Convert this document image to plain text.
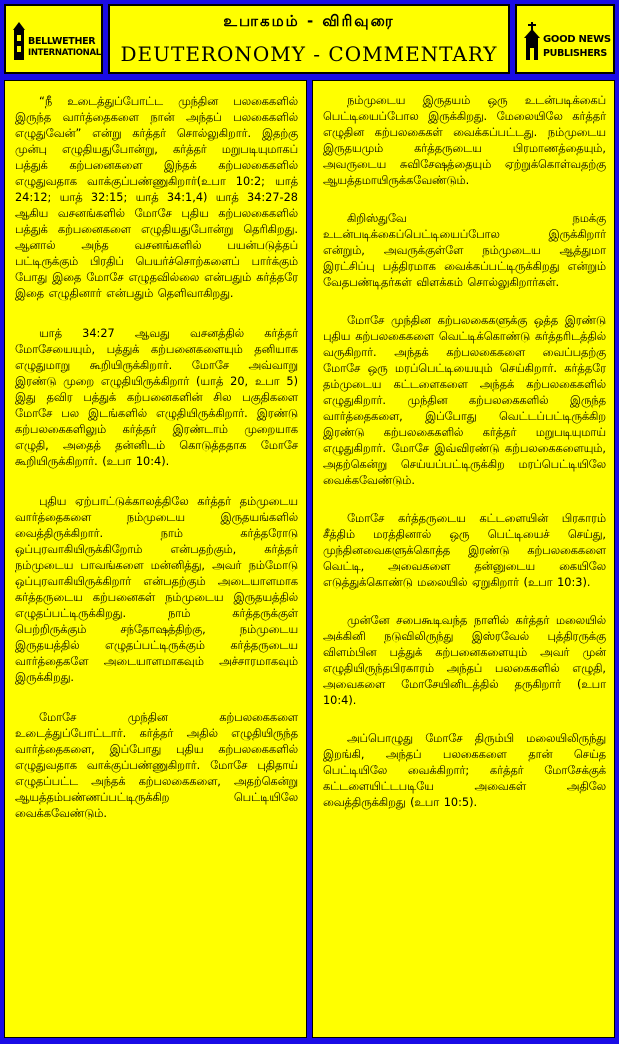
BELLWETHER
INTERNATIONAL
உபாகமம் - விரிவுரை
DEUTERONOMY - COMMENTARY
GOOD NEWS
PUBLISHERS

“நீ உடைத்துப்போட்ட முந்தின பலகைகளில் இருந்த வார்த்தைகளை நான் அந்தப் பலகைகளில் எழுதுவேன்” என்று கர்த்தர் சொல்லுகிறார். இதற்கு முன்பு எழுதியதுபோன்று, கர்த்தர் மறுபடியுமாகப் பத்துக் கற்பனைகளை இந்தக் கற்பலகைகளில் எழுதுவதாக வாக்குப்பண்ணுகிறார்(உபா 10:2; யாத் 24:12; யாத் 32:15; யாத் 34:1,4) யாத் 34:27-28 ஆகிய வசனங்களில் மோசே புதிய கற்பலகைகளில் பத்துக் கற்பனைகளை எழுதியதுபோன்று தெரிகிறது. ஆனால் அந்த வசனங்களில் பயன்படுத்தப் பட்டிருக்கும் பிரதிப் பெயர்ச்சொற்களைப் பார்க்கும் போது இதை மோசே எழுதவில்லை என்பதும் கர்த்தரே இதை எழுதினார் என்பதும் தெளிவாகிறது.

யாத் 34:27 ஆவது வசனத்தில் கர்த்தர் மோசேயையும், பத்துக் கற்பனைகளையும் தனியாக எழுதுமாறு கூறியிருக்கிறார். மோசே அவ்வாறு இரண்டு முறை எழுதியிருக்கிறார் (யாத் 20, உபா 5) இது தவிர பத்துக் கற்பனைகளின் சில பகுதிகளை மோசே பல இடங்களில் எழுதியிருக்கிறார். இரண்டு கற்பலகைகளிலும் கர்த்தர் இரண்டாம் முறையாக எழுதி, அதைத் தன்னிடம் கொடுத்ததாக மோசே கூறியிருக்கிறார். (உபா 10:4).

புதிய ஏற்பாட்டுக்காலத்திலே கர்த்தர் தம்முடைய வார்த்தைகளை நம்முடைய இருதயங்களில் வைத்திருக்கிறார். நாம் கர்த்தரோடு ஒப்புரவாகியிருக்கிறோம் என்பதற்கும், கர்த்தர் நம்முடைய பாவங்களை மன்னித்து, அவர் நம்மோடு ஒப்புரவாகியிருக்கிறார் என்பதற்கும் அடையாளமாக கர்த்தருடைய கற்பனைகள் நம்முடைய இருதயத்தில் எழுதப்பட்டிருக்கிறது. நாம் கர்த்தருக்குள் பெற்றிருக்கும் சந்தோஷத்திற்கு, நம்முடைய இருதயத்தில் எழுதப்பட்டிருக்கும் கர்த்தருடைய வார்த்தைகளே அடையாளமாகவும் அச்சாரமாகவும் இருக்கிறது.

மோசே முந்தின கற்பலகைகளை உடைத்துப்போட்டார். கர்த்தர் அதில் எழுதியிருந்த வார்த்தைகளை, இப்போது புதிய கற்பலகைகளில் எழுதுவதாக வாக்குப்பண்ணுகிறார். மோசே புதிதாய் எழுதப்பட்ட அந்தக் கற்பலகைகளை, அதற்கென்று ஆயத்தம்பண்ணப்பட்டிருக்கிற பெட்டியிலே வைக்கவேண்டும்.

நம்முடைய இருதயம் ஒரு உடன்படிக்கைப் பெட்டியைப்போல இருக்கிறது. மேலையிலே கர்த்தர் எழுதின கற்பலகைகள் வைக்கப்பட்டது. நம்முடைய இருதயமும் கர்த்தருடைய பிரமாணத்தையும், அவருடைய சுவிசேஷத்தையும் ஏற்றுக்கொள்வதற்கு ஆயத்தமாயிருக்கவேண்டும்.

கிறிஸ்துவே நமக்கு உடன்படிக்கைப்பெட்டியைப்போல இருக்கிறார் என்றும், அவருக்குள்ளே நம்முடைய ஆத்துமா இரட்சிப்பு பத்திரமாக வைக்கப்பட்டிருக்கிறது என்றும் வேதபண்டிதர்கள் விளக்கம் சொல்லுகிறார்கள்.

மோசே முந்தின கற்பலகைகளுக்கு ஒத்த இரண்டு புதிய கற்பலகைகளை வெட்டிக்கொண்டு கர்த்தரிடத்தில் வருகிறார். அந்தக் கற்பலகைகளை வைப்பதற்கு மோசே ஒரு மரப்பெட்டியையும் செய்கிறார். கர்த்தரே தம்முடைய கட்டளைகளை அந்தக் கற்பலகைகளில் எழுதுகிறார். முந்தின கற்பலகைகளில் இருந்த வார்த்தைகளை, இப்போது வெட்டப்பட்டிருக்கிற இரண்டு கற்பலகைகளில் கர்த்தர் மறுபடியுமாய் எழுதுகிறார். மோசே இவ்விரண்டு கற்பலகைகளையும், அதற்கென்று செய்யப்பட்டிருக்கிற மரப்பெட்டியிலே வைக்கவேண்டும்.

மோசே கர்த்தருடைய கட்டளையின் பிரகாரம் சீத்திம் மரத்தினால் ஒரு பெட்டியைச் செய்து, முந்தினவைகளுக்கொத்த இரண்டு கற்பலகைகளை வெட்டி, அவைகளை தன்னுடைய கையிலே எடுத்துக்கொண்டு மலையில் ஏறுகிறார் (உபா 10:3).

முன்னே சபைகூடிவந்த நாளில் கர்த்தர் மலையில் அக்கினி நடுவிலிருந்து இஸ்ரவேல் புத்திரருக்கு விளம்பின பத்துக் கற்பனைகளையும் அவர் முன் எழுதியிருந்தபிரகாரம் அந்தப் பலகைகளில் எழுதி, அவைகளை மோசேயினிடத்தில் தருகிறார் (உபா 10:4).

அப்பொழுது மோசே திரும்பி மலையிலிருந்து இறங்கி, அந்தப் பலகைகளை தான் செய்த பெட்டியிலே வைக்கிறார்; கர்த்தர் மோசேக்குக் கட்டளையிட்டபடியே அவைகள் அதிலே வைத்திருக்கிறது (உபா 10:5).
